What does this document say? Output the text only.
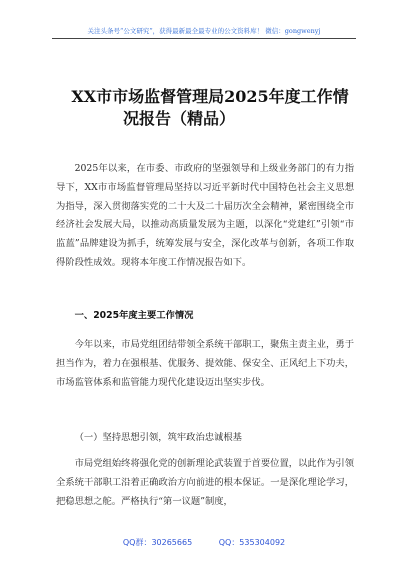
关注头条号“公文研究”，获得最新最全最专业的公文资料库！ 微信：gongwenyj
XX市市场监督管理局2025年度工作情
况报告（精品）

2025年以来，在市委、市政府的坚强领导和上级业务部门的有力指导下，XX市市场监督管理局坚持以习近平新时代中国特色社会主义思想为指导，深入贯彻落实党的二十大及二十届历次全会精神，紧密围绕全市经济社会发展大局，以推动高质量发展为主题，以深化“党建红”引领“市监蓝”品牌建设为抓手，统筹发展与安全，深化改革与创新，各项工作取得阶段性成效。现将本年度工作情况报告如下。

一、2025年度主要工作情况

今年以来，市局党组团结带领全系统干部职工，聚焦主责主业，勇于担当作为，着力在强根基、优服务、提效能、保安全、正风纪上下功夫，市场监管体系和监管能力现代化建设迈出坚实步伐。

（一）坚持思想引领，筑牢政治忠诚根基

市局党组始终将强化党的创新理论武装置于首要位置，以此作为引领全系统干部职工沿着正确政治方向前进的根本保证。一是深化理论学习，把稳思想之舵。严格执行“第一议题”制度，

QQ群：30265665	QQ：535304092
